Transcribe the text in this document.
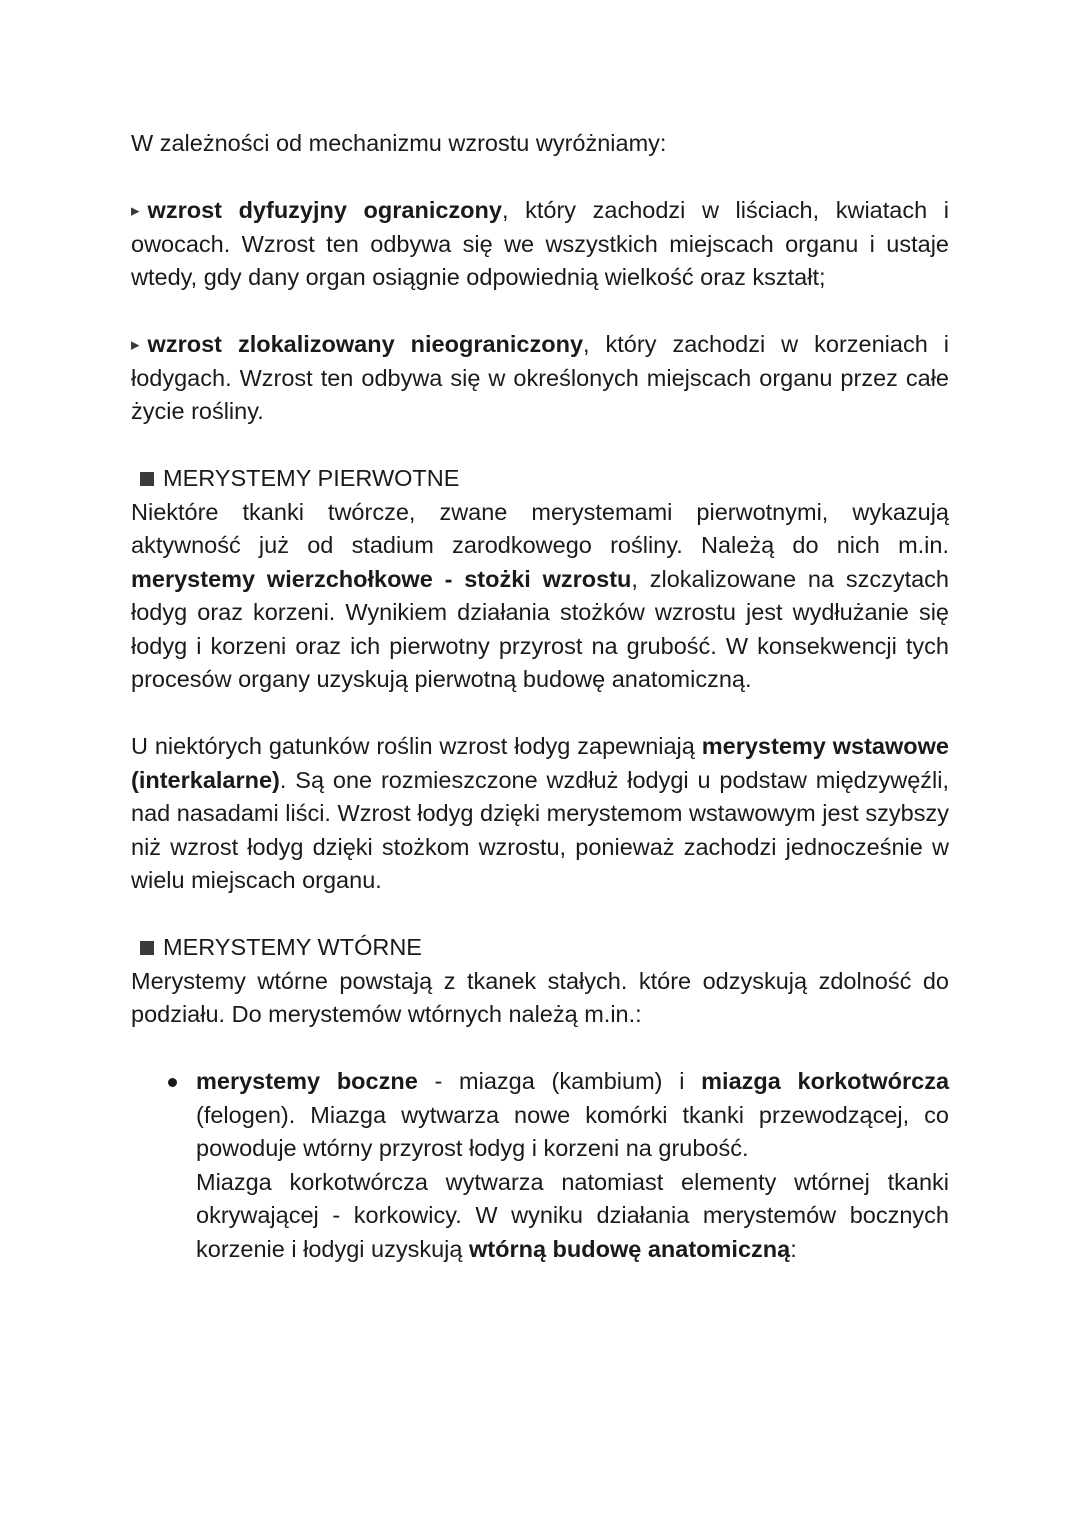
W zależności od mechanizmu wzrostu wyróżniamy:

▸ wzrost dyfuzyjny ograniczony, który zachodzi w liściach, kwiatach i owocach. Wzrost ten odbywa się we wszystkich miejscach organu i ustaje wtedy, gdy dany organ osiągnie odpowiednią wielkość oraz kształt;

▸ wzrost zlokalizowany nieograniczony, który zachodzi w korzeniach i łodygach. Wzrost ten odbywa się w określonych miejscach organu przez całe życie rośliny.

MERYSTEMY PIERWOTNE

Niektóre tkanki twórcze, zwane merystemami pierwotnymi, wykazują aktywność już od stadium zarodkowego rośliny. Należą do nich m.in. merystemy wierzchołkowe - stożki wzrostu, zlokalizowane na szczytach łodyg oraz korzeni. Wynikiem działania stożków wzrostu jest wydłużanie się łodyg i korzeni oraz ich pierwotny przyrost na grubość. W konsekwencji tych procesów organy uzyskują pierwotną budowę anatomiczną.

U niektórych gatunków roślin wzrost łodyg zapewniają merystemy wstawowe (interkalarne). Są one rozmieszczone wzdłuż łodygi u podstaw międzywęźli, nad nasadami liści. Wzrost łodyg dzięki merystemom wstawowym jest szybszy niż wzrost łodyg dzięki stożkom wzrostu, ponieważ zachodzi jednocześnie w wielu miejscach organu.

MERYSTEMY WTÓRNE

Merystemy wtórne powstają z tkanek stałych. które odzyskują zdolność do podziału. Do merystemów wtórnych należą m.in.:

merystemy boczne - miazga (kambium) i miazga korkotwórcza (felogen). Miazga wytwarza nowe komórki tkanki przewodzącej, co powoduje wtórny przyrost łodyg i korzeni na grubość.

Miazga korkotwórcza wytwarza natomiast elementy wtórnej tkanki okrywającej - korkowicy. W wyniku działania merystemów bocznych korzenie i łodygi uzyskują wtórną budowę anatomiczną:
